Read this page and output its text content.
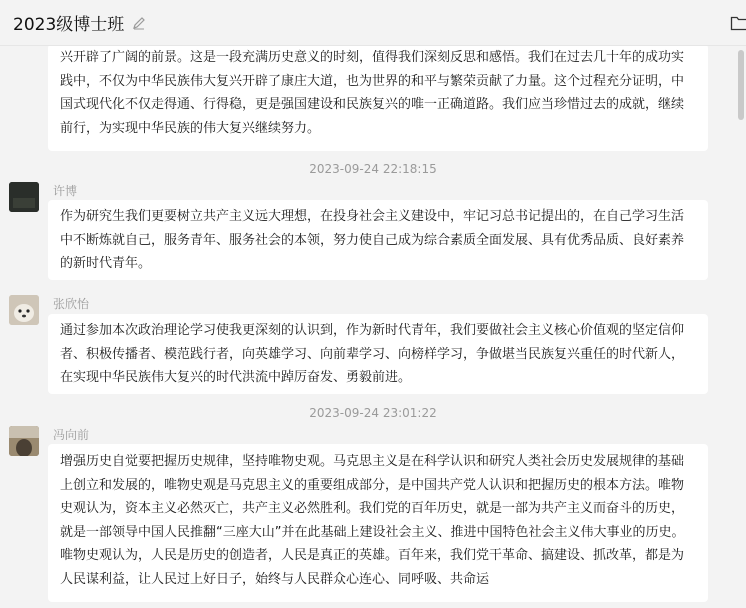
2023级博士班
兴开辟了广阔的前景。这是一段充满历史意义的时刻，值得我们深刻反思和感悟。我们在过去几十年的成功实践中，不仅为中华民族伟大复兴开辟了康庄大道，也为世界的和平与繁荣贡献了力量。这个过程充分证明，中国式现代化不仅走得通、行得稳，更是强国建设和民族复兴的唯一正确道路。我们应当珍惜过去的成就，继续前行，为实现中华民族的伟大复兴继续努力。
2023-09-24 22:18:15
许博
作为研究生我们更要树立共产主义远大理想，在投身社会主义建设中，牢记习总书记提出的，在自己学习生活中不断炼就自己，服务青年、服务社会的本领，努力使自己成为综合素质全面发展、具有优秀品质、良好素养的新时代青年。
张欣怡
通过参加本次政治理论学习使我更深刻的认识到，作为新时代青年，我们要做社会主义核心价值观的坚定信仰者、积极传播者、模范践行者，向英雄学习、向前辈学习、向榜样学习，争做堪当民族复兴重任的时代新人，在实现中华民族伟大复兴的时代洪流中踔厉奋发、勇毅前进。
2023-09-24 23:01:22
冯向前
增强历史自觉要把握历史规律，坚持唯物史观。马克思主义是在科学认识和研究人类社会历史发展规律的基础上创立和发展的，唯物史观是马克思主义的重要组成部分，是中国共产党人认识和把握历史的根本方法。唯物史观认为，资本主义必然灭亡，共产主义必然胜利。我们党的百年历史，就是一部为共产主义而奋斗的历史，就是一部领导中国人民推翻“三座大山”并在此基础上建设社会主义、推进中国特色社会主义伟大事业的历史。唯物史观认为，人民是历史的创造者，人民是真正的英雄。百年来，我们党干革命、搞建设、抓改革，都是为人民谋利益，让人民过上好日子，始终与人民群众心连心、同呼吸、共命运
